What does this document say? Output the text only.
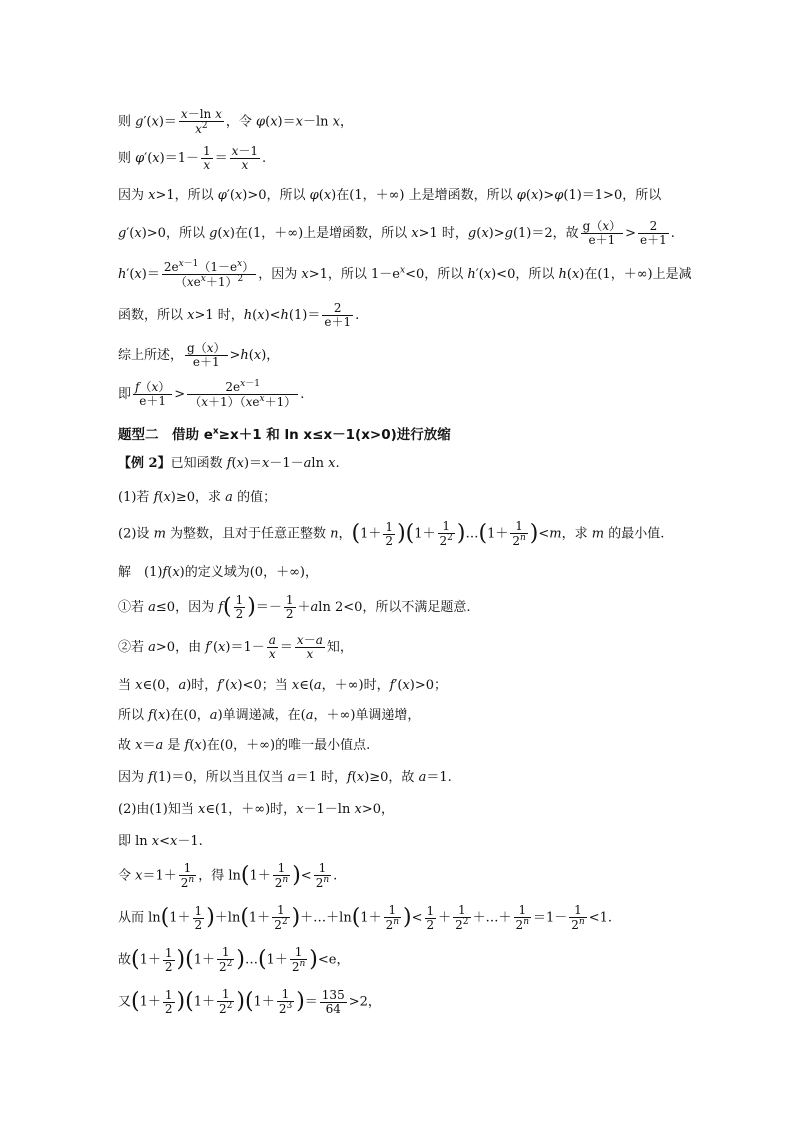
则 $g'(x)= \frac{\text{x－ln x}}{x^2}$ ，令 φ(x)＝x－ln x，
则 $\varphi'(x)=1- \frac{1}{x} = \frac{x-1}{x}$ .
因为 x>1，所以 φ′(x)>0，所以 φ(x)在(1，＋∞) 上是增函数，所以 φ(x)>φ(1)＝1>0，所以
g′(x)>0，所以 g(x)在(1，＋∞)上是增函数，所以 x>1 时，g(x)>g(1)＝2，故 $\frac{g(x)}{e+1} > \frac{2}{e+1}$ .
$h'(x)= \frac{2e^{x-1}(1-e^x)}{(xe^x+1)^2}$ ，因为 x>1，所以 $1-e^x<0$，所以 h′(x)<0，所以 h(x)在(1，＋∞)上是减
函数，所以 x>1 时，$h(x)<h(1)= \frac{2}{e+1}$ .
综上所述， $\frac{g(x)}{e+1} >h(x)$，
即 $\frac{f(x)}{e+1} > \frac{2e^{x-1}}{(x+1)(xe^x+1)}$ .
题型二　借助 $e^x\ge x+1$ 和 ln x≤x－1(x>0)进行放缩
【例 2】已知函数 f(x)＝x－1－aln x.
(1)若 f(x)≥0，求 a 的值；
(2)设 m 为整数，且对于任意正整数 n，$(1+ \frac{1}{2} )(1+ \frac{1}{2^2}$ )…(1＋ $\frac{1}{2^n} )<m$，求 m 的最小值.
解　(1)f(x)的定义域为(0，＋∞)，
①若 a≤0，因为 $f( \frac{1}{2}$ )＝－ $\frac{1}{2} +aln$ 2<0，所以不满足题意.
②若 a>0，由 $f'(x)=1- \frac{a}{x} = \frac{x-a}{x}$ 知，
当 x∈(0，a)时，f′(x)<0；当 x∈(a，＋∞)时，f′(x)>0；
所以 f(x)在(0，a)单调递减，在(a，＋∞)单调递增，
故 x＝a 是 f(x)在(0，＋∞)的唯一最小值点.
因为 f(1)＝0，所以当且仅当 a＝1 时，f(x)≥0，故 a＝1.
(2)由(1)知当 x∈(1，＋∞)时，x－1－ln x>0，
即 ln x<x－1.
令 $x=1+ \frac{1}{2^n}$ ，得 $\ln(1+ \frac{1}{2^n}$ )< $\frac{1}{2^n}$ .
从而 $\ln(1+ \frac{1}{2} )+\ln(1+ \frac{1}{2^2}$ )＋…＋ln(1＋ $\frac{1}{2^n}$ )< $\frac{1}{2} + \frac{1}{2^2}$ ＋…＋ $\frac{1}{2^n} =1- \frac{1}{2^n} <1$.
故$(1+ \frac{1}{2} )(1+ \frac{1}{2^2}$ )…(1＋ $\frac{1}{2^n} )<e$，
又$(1+ \frac{1}{2} )(1+ \frac{1}{2^2} )(1+ \frac{1}{2^3}$ )＝ $\frac{135}{64} >2$，
